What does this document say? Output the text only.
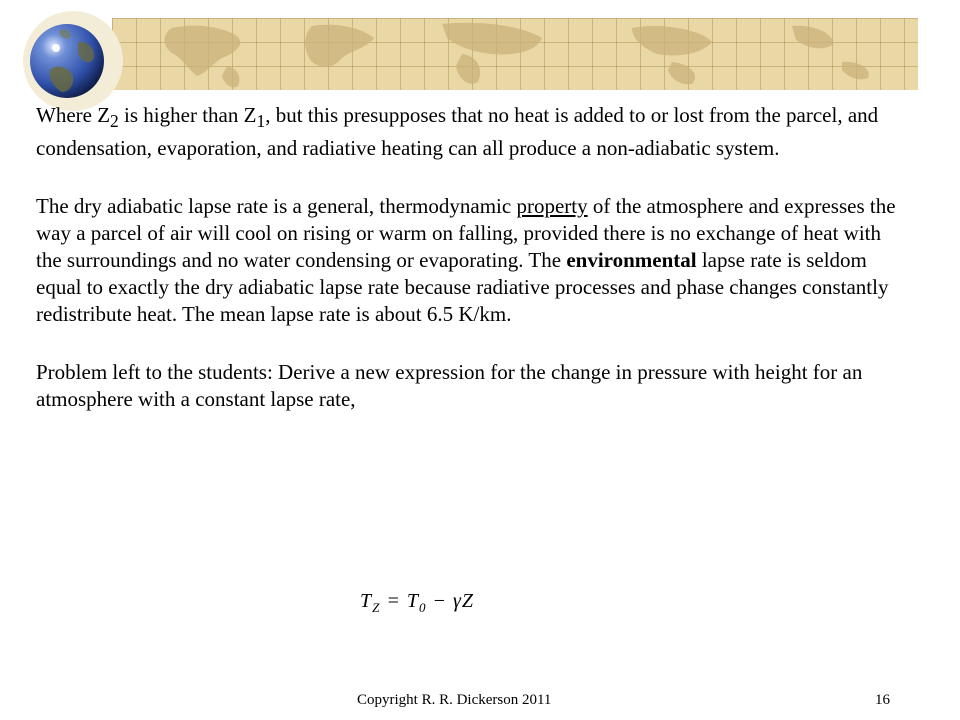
Where $Z_2$ is higher than $Z_1$, but this presupposes that no heat is added to or lost from the parcel, and condensation, evaporation, and radiative heating can all produce a non-adiabatic system.

The dry adiabatic lapse rate is a general, thermodynamic property of the atmosphere and expresses the way a parcel of air will cool on rising or warm on falling, provided there is no exchange of heat with the surroundings and no water condensing or evaporating. The environmental lapse rate is seldom equal to exactly the dry adiabatic lapse rate because radiative processes and phase changes constantly redistribute heat. The mean lapse rate is about 6.5 K/km.

Problem left to the students: Derive a new expression for the change in pressure with height for an atmosphere with a constant lapse rate,

$T_Z = T_0 - \gamma Z$
Copyright R. R. Dickerson 2011	16
